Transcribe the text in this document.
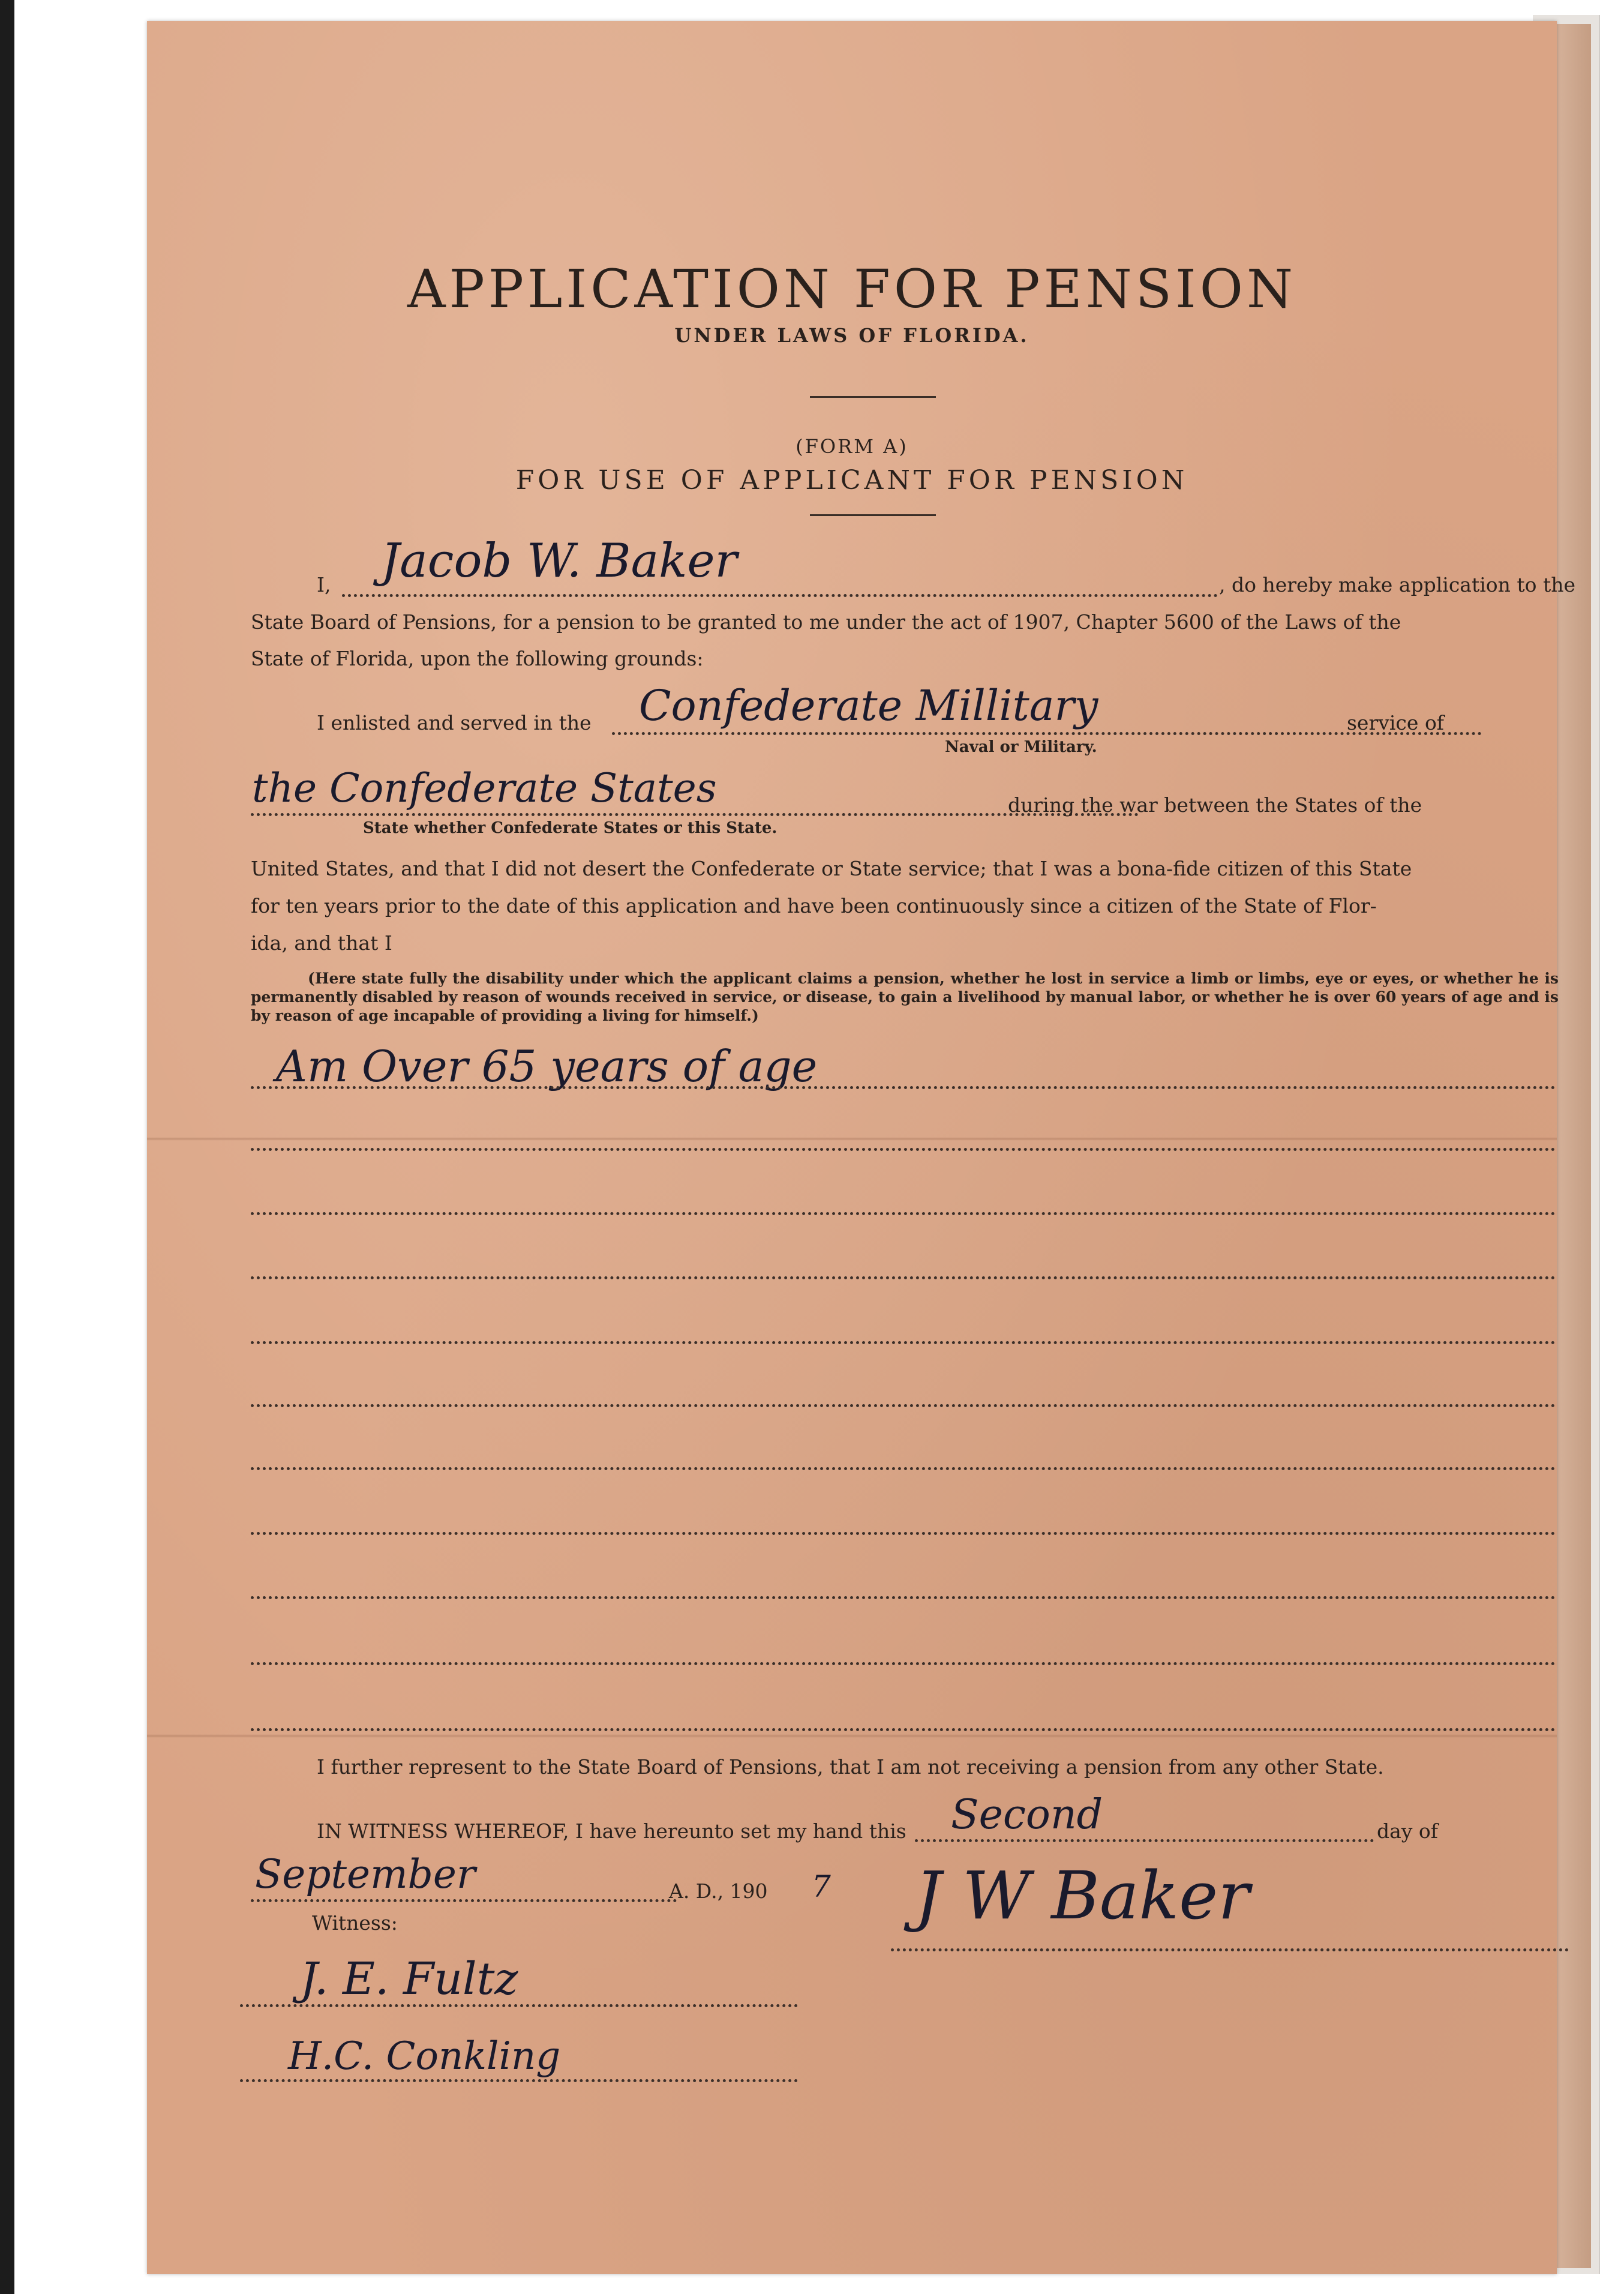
APPLICATION FOR PENSION
UNDER LAWS OF FLORIDA.
(FORM A)
FOR USE OF APPLICANT FOR PENSION
I, Jacob W. Baker	, do hereby make application to the
State Board of Pensions, for a pension to be granted to me under the act of 1907, Chapter 5600 of the Laws of the
State of Florida, upon the following grounds:
I enlisted and served in the Confederate Millitary
Naval or Military.
service of
the Confederate States
State whether Confederate States or this State.
during the war between the States of the
United States, and that I did not desert the Confederate or State service; that I was a bona-fide citizen of this State
for ten years prior to the date of this application and have been continuously since a citizen of the State of Flor-
ida, and that I
(Here state fully the disability under which the applicant claims a pension, whether he lost in service a limb or limbs, eye or eyes, or whether he is permanently disabled by reason of wounds received in service, or disease, to gain a livelihood by manual labor, or whether he is over 60 years of age and is by reason of age incapable of providing a living for himself.)
Am Over 65 years of age
I further represent to the State Board of Pensions, that I am not receiving a pension from any other State.
IN WITNESS WHEREOF, I have hereunto set my hand this Second	day of
September	A. D., 190 7
Witness:	J W Baker
J. E. Fultz
H.C. Conkling
